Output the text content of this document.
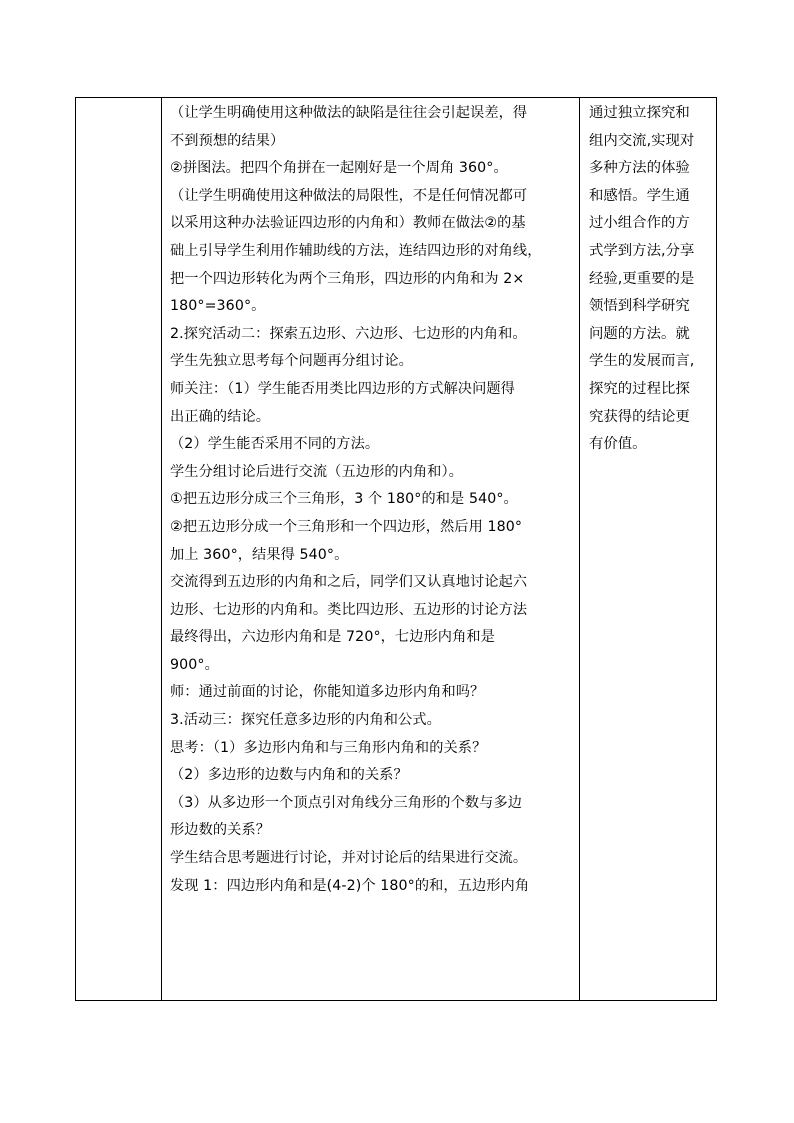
（让学生明确使用这种做法的缺陷是往往会引起误差，得
不到预想的结果）
②拼图法。把四个角拼在一起刚好是一个周角 360°。
（让学生明确使用这种做法的局限性，不是任何情况都可
以采用这种办法验证四边形的内角和）教师在做法②的基
础上引导学生利用作辅助线的方法，连结四边形的对角线，
把一个四边形转化为两个三角形，四边形的内角和为 2×
180°=360°。
2.探究活动二：探索五边形、六边形、七边形的内角和。
学生先独立思考每个问题再分组讨论。
师关注：（1）学生能否用类比四边形的方式解决问题得
出正确的结论。
（2）学生能否采用不同的方法。
学生分组讨论后进行交流（五边形的内角和）。
①把五边形分成三个三角形，3 个 180°的和是 540°。
②把五边形分成一个三角形和一个四边形，然后用 180°
加上 360°，结果得 540°。
交流得到五边形的内角和之后，同学们又认真地讨论起六
边形、七边形的内角和。类比四边形、五边形的讨论方法
最终得出，六边形内角和是 720°，七边形内角和是
900°。
师：通过前面的讨论，你能知道多边形内角和吗？
3.活动三：探究任意多边形的内角和公式。
思考：（1）多边形内角和与三角形内角和的关系？
（2）多边形的边数与内角和的关系？
（3）从多边形一个顶点引对角线分三角形的个数与多边
形边数的关系？
学生结合思考题进行讨论，并对讨论后的结果进行交流。
发现 1：四边形内角和是(4-2)个 180°的和，五边形内角
通过独立探究和
组内交流,实现对
多种方法的体验
和感悟。学生通
过小组合作的方
式学到方法,分享
经验,更重要的是
领悟到科学研究
问题的方法。就
学生的发展而言,
探究的过程比探
究获得的结论更
有价值。
